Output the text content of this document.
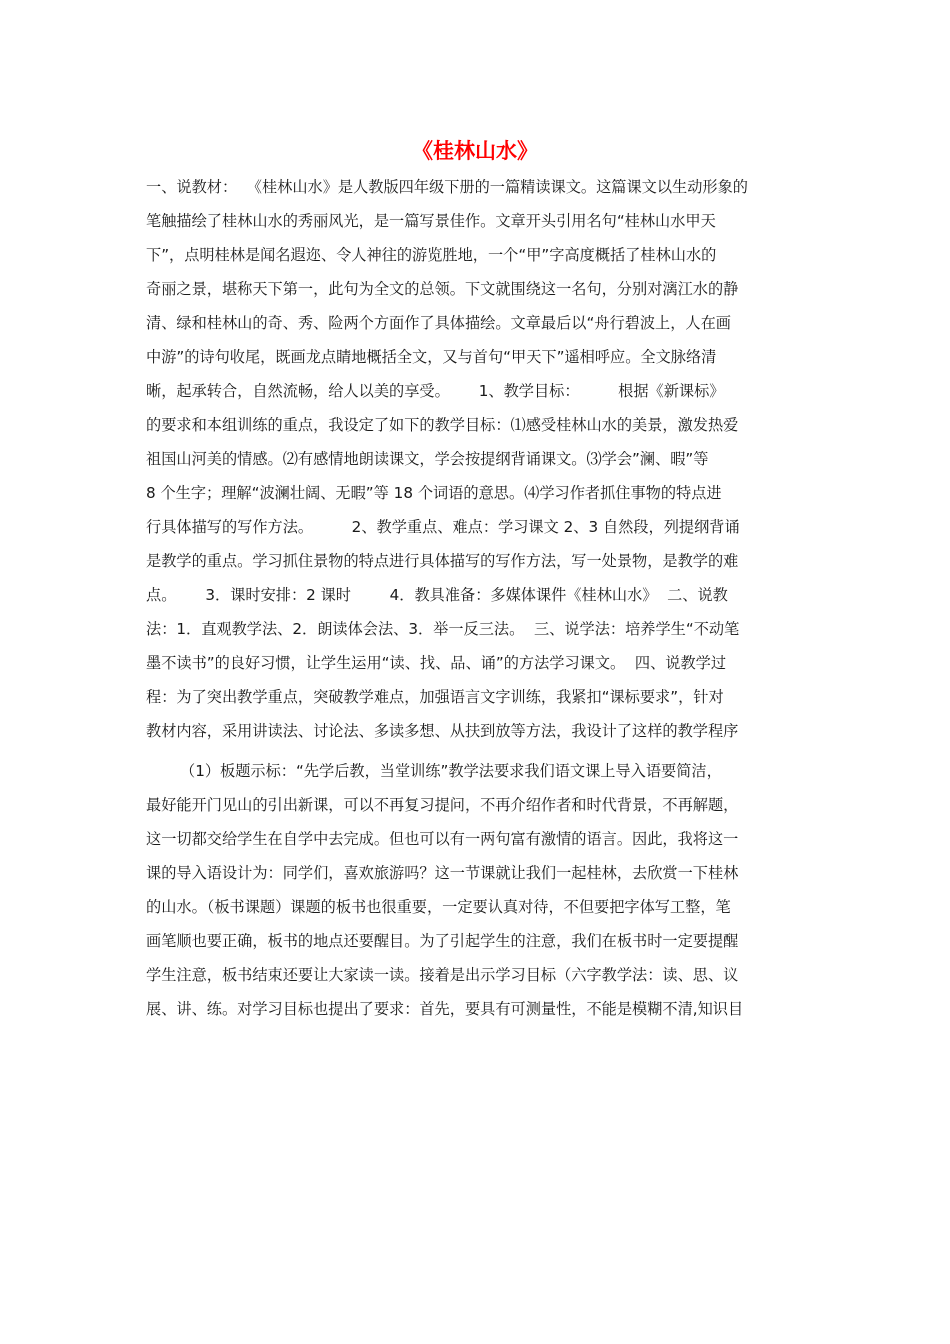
《桂林山水》
一、说教材：  《桂林山水》是人教版四年级下册的一篇精读课文。这篇课文以生动形象的
笔触描绘了桂林山水的秀丽风光，是一篇写景佳作。文章开头引用名句“桂林山水甲天
下”，点明桂林是闻名遐迩、令人神往的游览胜地，一个“甲”字高度概括了桂林山水的
奇丽之景，堪称天下第一，此句为全文的总领。下文就围绕这一名句，分别对漓江水的静
清、绿和桂林山的奇、秀、险两个方面作了具体描绘。文章最后以“舟行碧波上，人在画
中游”的诗句收尾，既画龙点睛地概括全文，又与首句“甲天下”遥相呼应。全文脉络清
晰，起承转合，自然流畅，给人以美的享受。      1、教学目标：        根据《新课标》
的要求和本组训练的重点，我设定了如下的教学目标：⑴感受桂林山水的美景，激发热爱
祖国山河美的情感。⑵有感情地朗读课文，学会按提纲背诵课文。⑶学会”澜、暇”等
8 个生字；理解“波澜壮阔、无暇”等 18 个词语的意思。⑷学习作者抓住事物的特点进
行具体描写的写作方法。        2、教学重点、难点：学习课文 2、3 自然段，列提纲背诵
是教学的重点。学习抓住景物的特点进行具体描写的写作方法，写一处景物，是教学的难
点。      3．课时安排：2 课时        4．教具准备：多媒体课件《桂林山水》  二、说教
法：1．直观教学法、2．朗读体会法、3．举一反三法。  三、说学法：培养学生“不动笔
墨不读书”的良好习惯，让学生运用“读、找、品、诵”的方法学习课文。  四、说教学过
程：为了突出教学重点，突破教学难点，加强语言文字训练，我紧扣“课标要求”，针对
教材内容，采用讲读法、讨论法、多读多想、从扶到放等方法，我设计了这样的教学程序
（1）板题示标：“先学后教，当堂训练”教学法要求我们语文课上导入语要简洁，
最好能开门见山的引出新课，可以不再复习提问，不再介绍作者和时代背景，不再解题，
这一切都交给学生在自学中去完成。但也可以有一两句富有激情的语言。因此，我将这一
课的导入语设计为：同学们，喜欢旅游吗？这一节课就让我们一起桂林，去欣赏一下桂林
的山水。（板书课题）课题的板书也很重要，一定要认真对待，不但要把字体写工整，笔
画笔顺也要正确，板书的地点还要醒目。为了引起学生的注意，我们在板书时一定要提醒
学生注意，板书结束还要让大家读一读。接着是出示学习目标（六字教学法：读、思、议
展、讲、练。对学习目标也提出了要求：首先，要具有可测量性，不能是模糊不清,知识目
